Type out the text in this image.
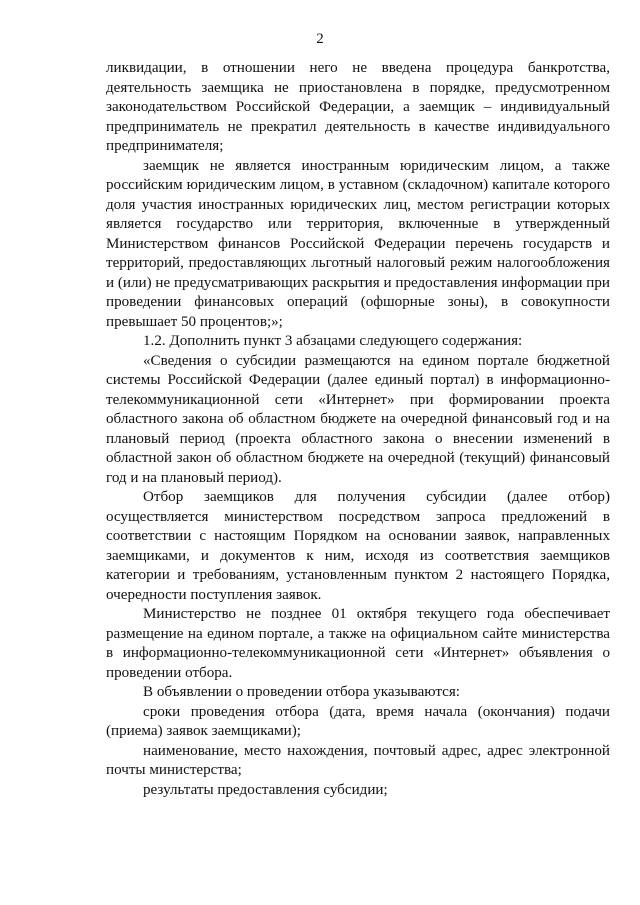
2

ликвидации, в отношении него не введена процедура банкротства, деятельность заемщика не приостановлена в порядке, предусмотренном законодательством Российской Федерации, а заемщик – индивидуальный предприниматель не прекратил деятельность в качестве индивидуального предпринимателя;

заемщик не является иностранным юридическим лицом, а также российским юридическим лицом, в уставном (складочном) капитале которого доля участия иностранных юридических лиц, местом регистрации которых является государство или территория, включенные в утвержденный Министерством финансов Российской Федерации перечень государств и территорий, предоставляющих льготный налоговый режим налогообложения и (или) не предусматривающих раскрытия и предоставления информации при проведении финансовых операций (офшорные зоны), в совокупности превышает 50 процентов;»;

1.2. Дополнить пункт 3 абзацами следующего содержания:

«Сведения о субсидии размещаются на едином портале бюджетной системы Российской Федерации (далее единый портал) в информационно-телекоммуникационной сети «Интернет» при формировании проекта областного закона об областном бюджете на очередной финансовый год и на плановый период (проекта областного закона о внесении изменений в областной закон об областном бюджете на очередной (текущий) финансовый год и на плановый период).

Отбор заемщиков для получения субсидии (далее отбор) осуществляется министерством посредством запроса предложений в соответствии с настоящим Порядком на основании заявок, направленных заемщиками, и документов к ним, исходя из соответствия заемщиков категории и требованиям, установленным пунктом 2 настоящего Порядка, очередности поступления заявок.

Министерство не позднее 01 октября текущего года обеспечивает размещение на едином портале, а также на официальном сайте министерства в информационно-телекоммуникационной сети «Интернет» объявления о проведении отбора.

В объявлении о проведении отбора указываются:

сроки проведения отбора (дата, время начала (окончания) подачи (приема) заявок заемщиками);

наименование, место нахождения, почтовый адрес, адрес электронной почты министерства;

результаты предоставления субсидии;
